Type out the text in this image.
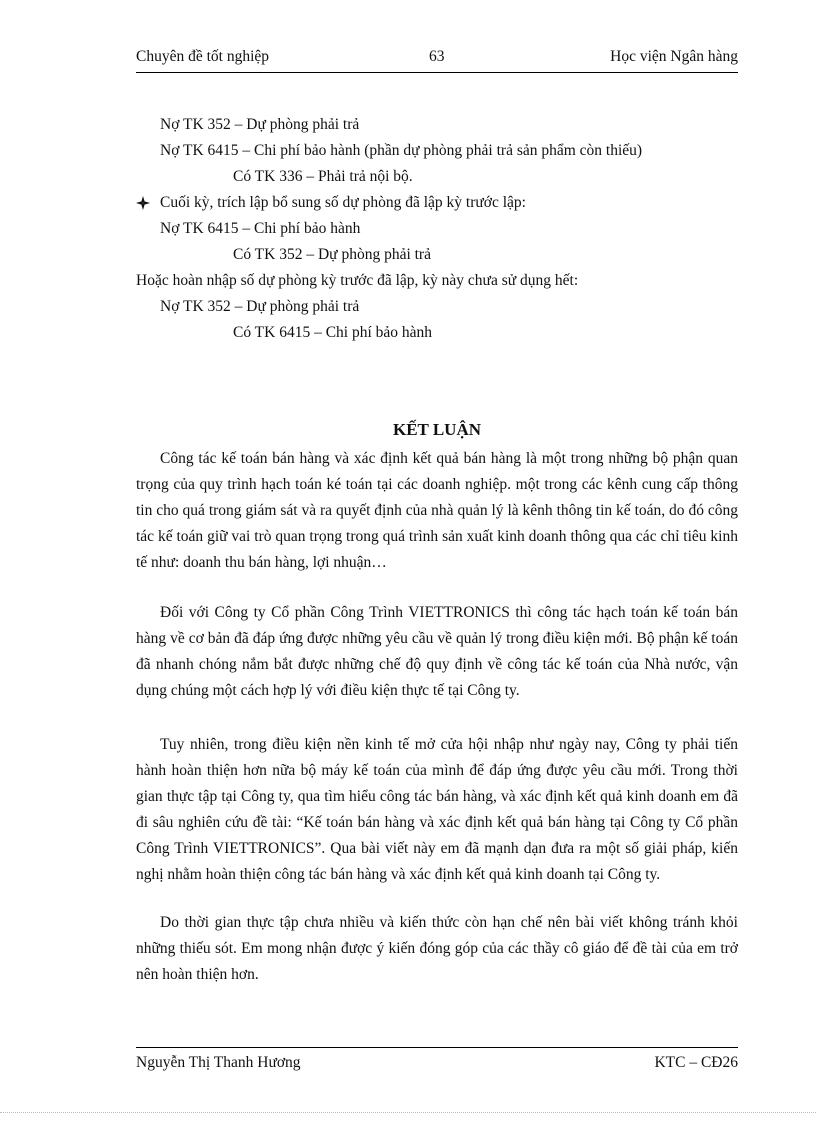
Chuyên đề tốt nghiệp	63	Học viện Ngân hàng
Nợ TK 352 – Dự phòng phải trả
Nợ TK 6415 – Chi phí bảo hành (phần dự phòng phải trả sản phẩm còn thiếu)
Có TK 336 – Phải trả nội bộ.
Cuối kỳ, trích lập bổ sung số dự phòng đã lập kỳ trước lập:
Nợ TK 6415 – Chi phí bảo hành
Có TK 352 – Dự phòng phải trả
Hoặc hoàn nhập số dự phòng kỳ trước đã lập, kỳ này chưa sử dụng hết:
Nợ TK 352 – Dự phòng phải trả
Có TK 6415 – Chi phí bảo hành
KẾT LUẬN

Công tác kế toán bán hàng và xác định kết quả bán hàng là một trong những bộ phận quan trọng của quy trình hạch toán ké toán tại các doanh nghiệp. một trong các kênh cung cấp thông tin cho quá trong giám sát và ra quyết định của nhà quản lý là kênh thông tin kế toán, do đó công tác kế toán giữ vai trò quan trọng trong quá trình sản xuất kinh doanh thông qua các chỉ tiêu kinh tế như: doanh thu bán hàng, lợi nhuận…

Đối với Công ty Cổ phần Công Trình VIETTRONICS thì công tác hạch toán kế toán bán hàng về cơ bản đã đáp ứng được những yêu cầu về quản lý trong điều kiện mới. Bộ phận kế toán đã nhanh chóng nắm bắt được những chế độ quy định về công tác kế toán của Nhà nước, vận dụng chúng một cách hợp lý với điều kiện thực tế tại Công ty.

Tuy nhiên, trong điều kiện nền kinh tế mở cửa hội nhập như ngày nay, Công ty phải tiến hành hoàn thiện hơn nữa bộ máy kế toán của mình để đáp ứng được yêu cầu mới. Trong thời gian thực tập tại Công ty, qua tìm hiểu công tác bán hàng, và xác định kết quả kinh doanh em đã đi sâu nghiên cứu đề tài: “Kế toán bán hàng và xác định kết quả bán hàng tại Công ty Cổ phần Công Trình VIETTRONICS”. Qua bài viết này em đã mạnh dạn đưa ra một số giải pháp, kiến nghị nhằm hoàn thiện công tác bán hàng và xác định kết quả kinh doanh tại Công ty.

Do thời gian thực tập chưa nhiều và kiến thức còn hạn chế nên bài viết không tránh khỏi những thiếu sót. Em mong nhận được ý kiến đóng góp của các thầy cô giáo để đề tài của em trở nên hoàn thiện hơn.

Nguyễn Thị Thanh Hương	KTC – CĐ26
